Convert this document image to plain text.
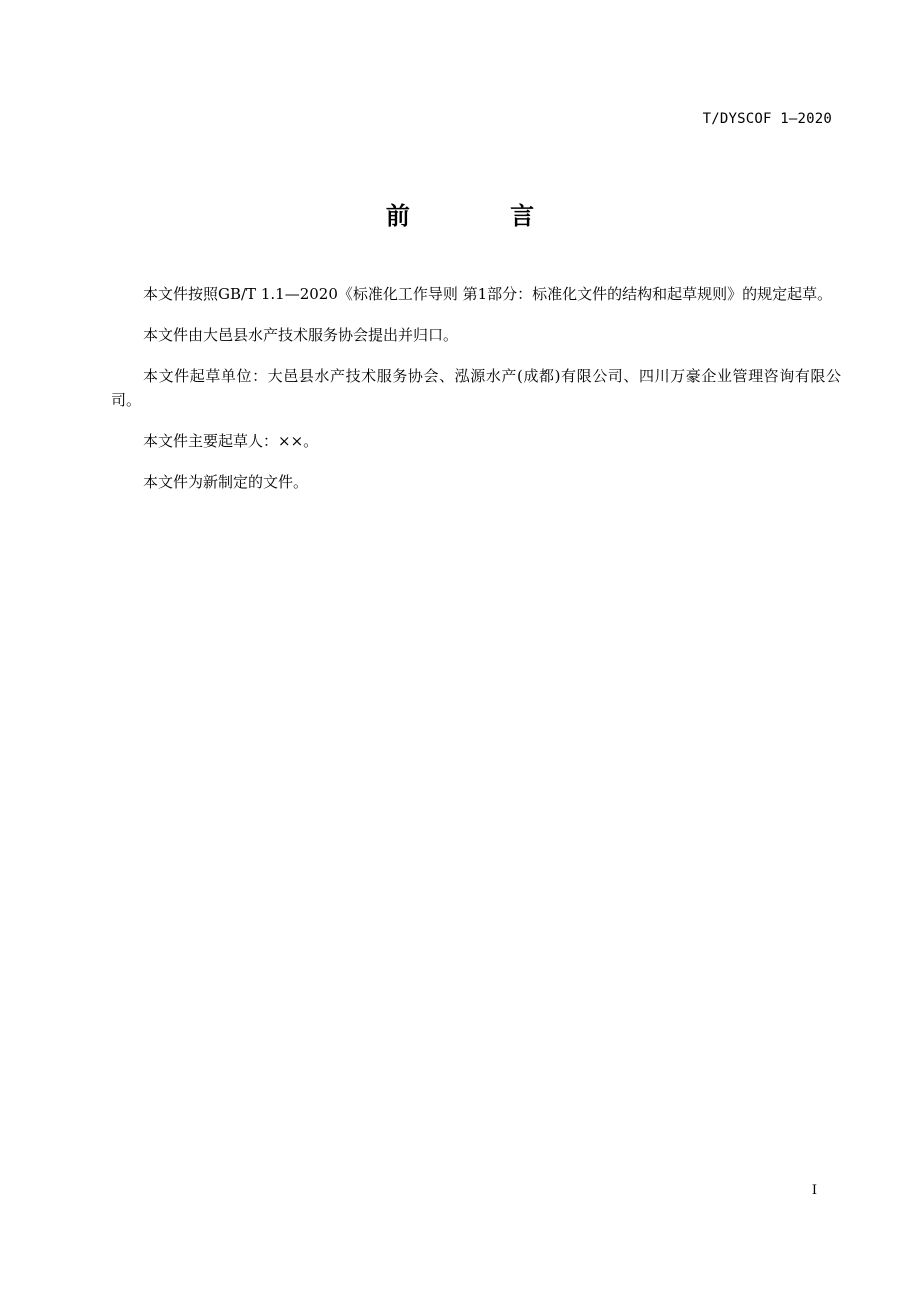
T/DYSCOF 1—2020
前 言

本文件按照GB/T 1.1—2020《标准化工作导则 第1部分：标准化文件的结构和起草规则》的规定起草。

本文件由大邑县水产技术服务协会提出并归口。

本文件起草单位：大邑县水产技术服务协会、泓源水产(成都)有限公司、四川万豪企业管理咨询有限公司。

本文件主要起草人：××。

本文件为新制定的文件。

I
